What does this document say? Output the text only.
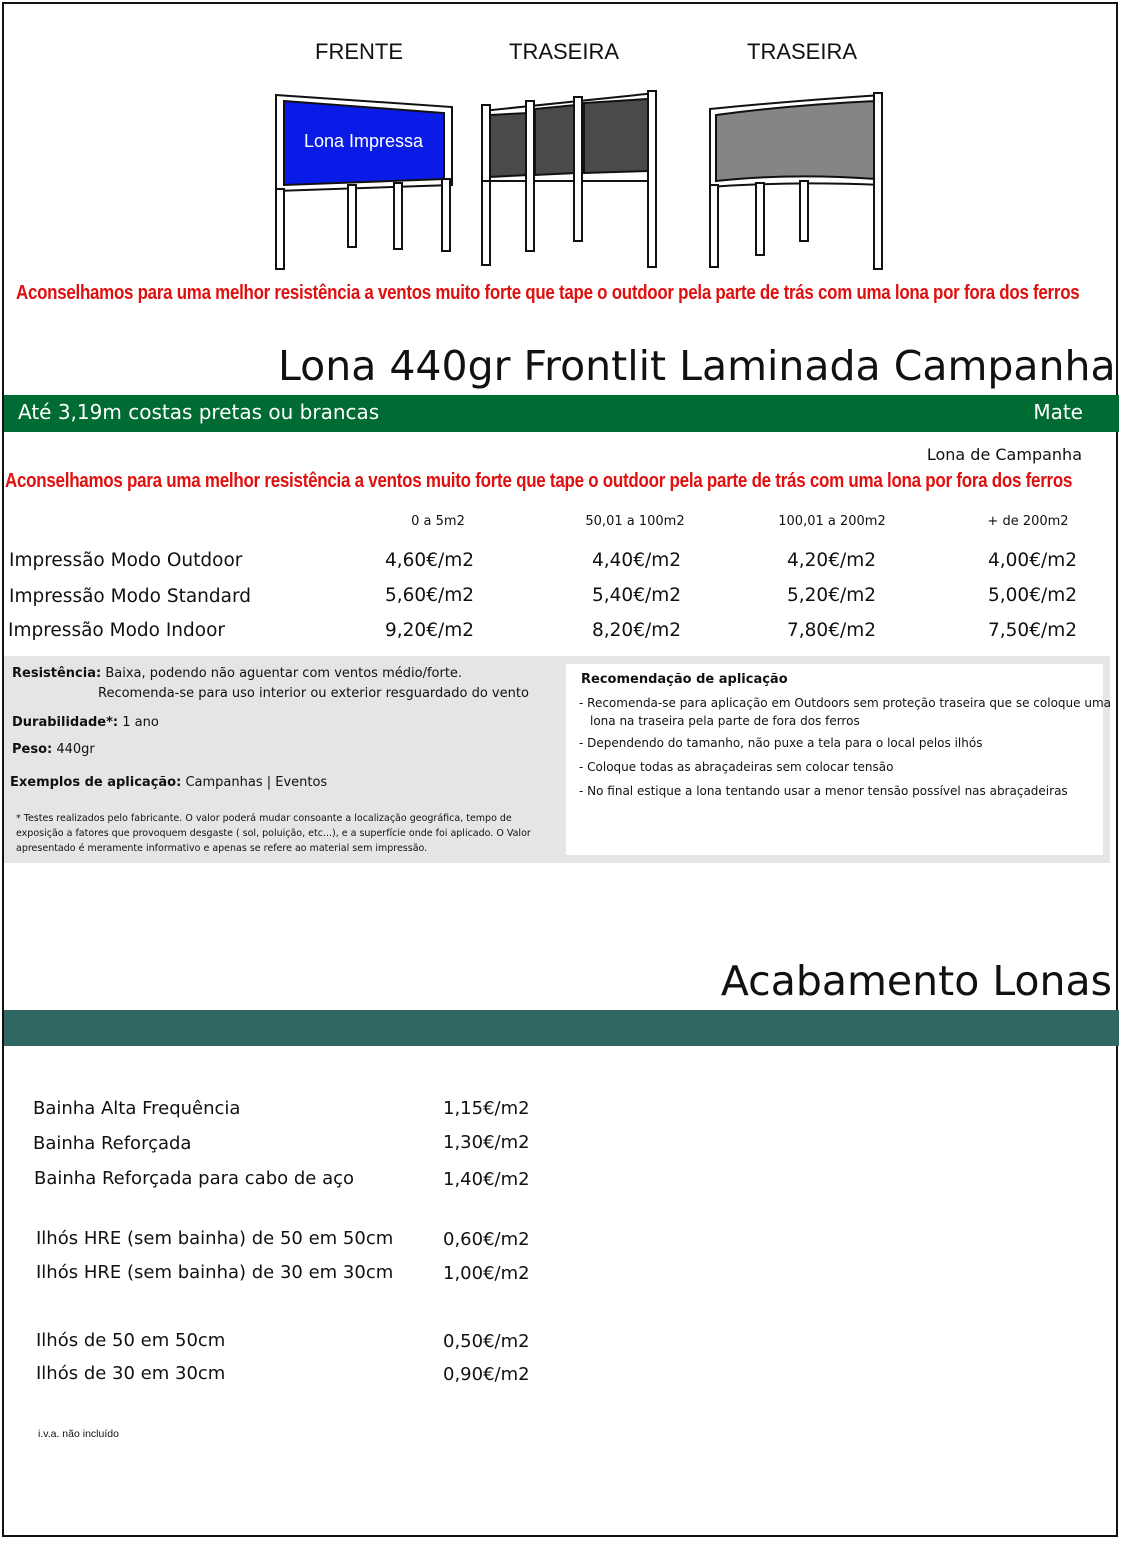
FRENTE	TRASEIRA	TRASEIRA
Lona Impressa
Aconselhamos para uma melhor resistência a ventos muito forte que tape o outdoor pela parte de trás com uma lona por fora dos ferros
Lona 440gr Frontlit Laminada Campanha
Até 3,19m costas pretas ou brancas	Mate
Lona de Campanha
Aconselhamos para uma melhor resistência a ventos muito forte que tape o outdoor pela parte de trás com uma lona por fora dos ferros
0 a 5m2	50,01 a 100m2	100,01 a 200m2	+ de 200m2
Impressão Modo Outdoor	4,60€/m2	4,40€/m2	4,20€/m2	4,00€/m2
Impressão Modo Standard	5,60€/m2	5,40€/m2	5,20€/m2	5,00€/m2
Impressão Modo Indoor	9,20€/m2	8,20€/m2	7,80€/m2	7,50€/m2
Resistência: Baixa, podendo não aguentar com ventos médio/forte.
Recomenda-se para uso interior ou exterior resguardado do vento
Durabilidade*: 1 ano
Peso: 440gr
Exemplos de aplicação: Campanhas | Eventos
* Testes realizados pelo fabricante. O valor poderá mudar consoante a localização geográfica, tempo de
exposição a fatores que provoquem desgaste ( sol, poluição, etc...), e a superfície onde foi aplicado. O Valor
apresentado é meramente informativo e apenas se refere ao material sem impressão.
Recomendação de aplicação
- Recomenda-se para aplicação em Outdoors sem proteção traseira que se coloque uma
lona na traseira pela parte de fora dos ferros
- Dependendo do tamanho, não puxe a tela para o local pelos ilhós
- Coloque todas as abraçadeiras sem colocar tensão
- No final estique a lona tentando usar a menor tensão possível nas abraçadeiras
Acabamento Lonas
Bainha Alta Frequência	1,15€/m2
Bainha Reforçada	1,30€/m2
Bainha Reforçada para cabo de aço	1,40€/m2
Ilhós HRE (sem bainha) de 50 em 50cm	0,60€/m2
Ilhós HRE (sem bainha) de 30 em 30cm	1,00€/m2
Ilhós de 50 em 50cm	0,50€/m2
Ilhós de 30 em 30cm	0,90€/m2
i.v.a. não incluído
